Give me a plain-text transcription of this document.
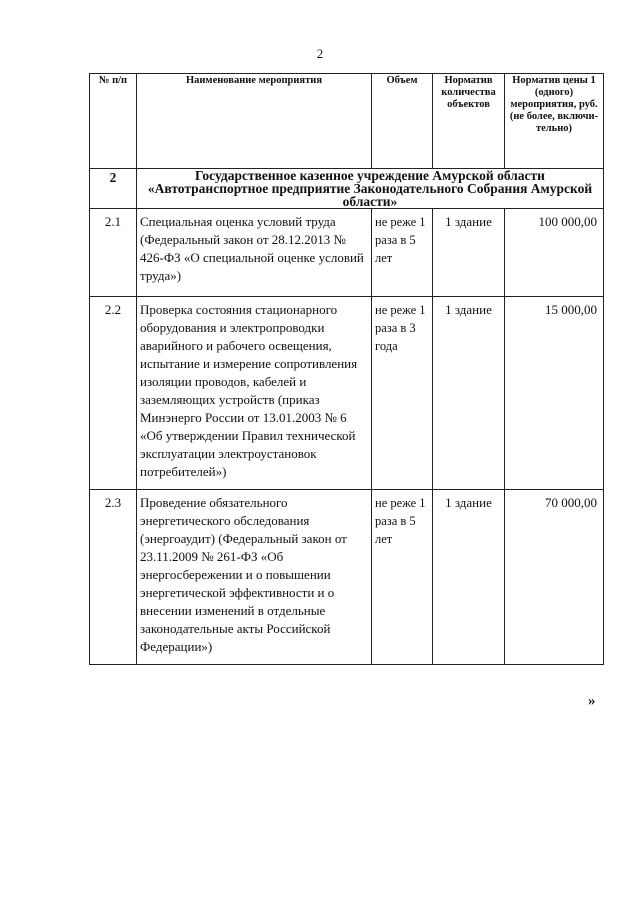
2
№ п/п	Наименование мероприятия	Объем	Норматив количества объектов	Норматив цены 1 (одного) мероприятия, руб. (не более, включи-тельно)
2	Государственное казенное учреждение Амурской области «Автотранспортное предприятие Законодательного Собрания Амурской области»			
2.1	Специальная оценка условий труда (Федеральный закон от 28.12.2013 № 426-ФЗ «О специальной оценке условий труда»)	не реже 1 раза в 5 лет	1 здание	100 000,00
2.2	Проверка состояния стационарного оборудования и электропроводки аварийного и рабочего освещения, испытание и измерение сопротивления изоляции проводов, кабелей и заземляющих устройств (приказ Минэнерго России от 13.01.2003 № 6 «Об утверждении Правил технической эксплуатации электроустановок потребителей»)	не реже 1 раза в 3 года	1 здание	15 000,00
2.3	Проведение обязательного энергетического обследования (энергоаудит) (Федеральный закон от 23.11.2009 № 261-ФЗ «Об энергосбережении и о повышении энергетической эффективности и о внесении изменений в отдельные законодательные акты Российской Федерации»)	не реже 1 раза в 5 лет	1 здание	70 000,00
»
